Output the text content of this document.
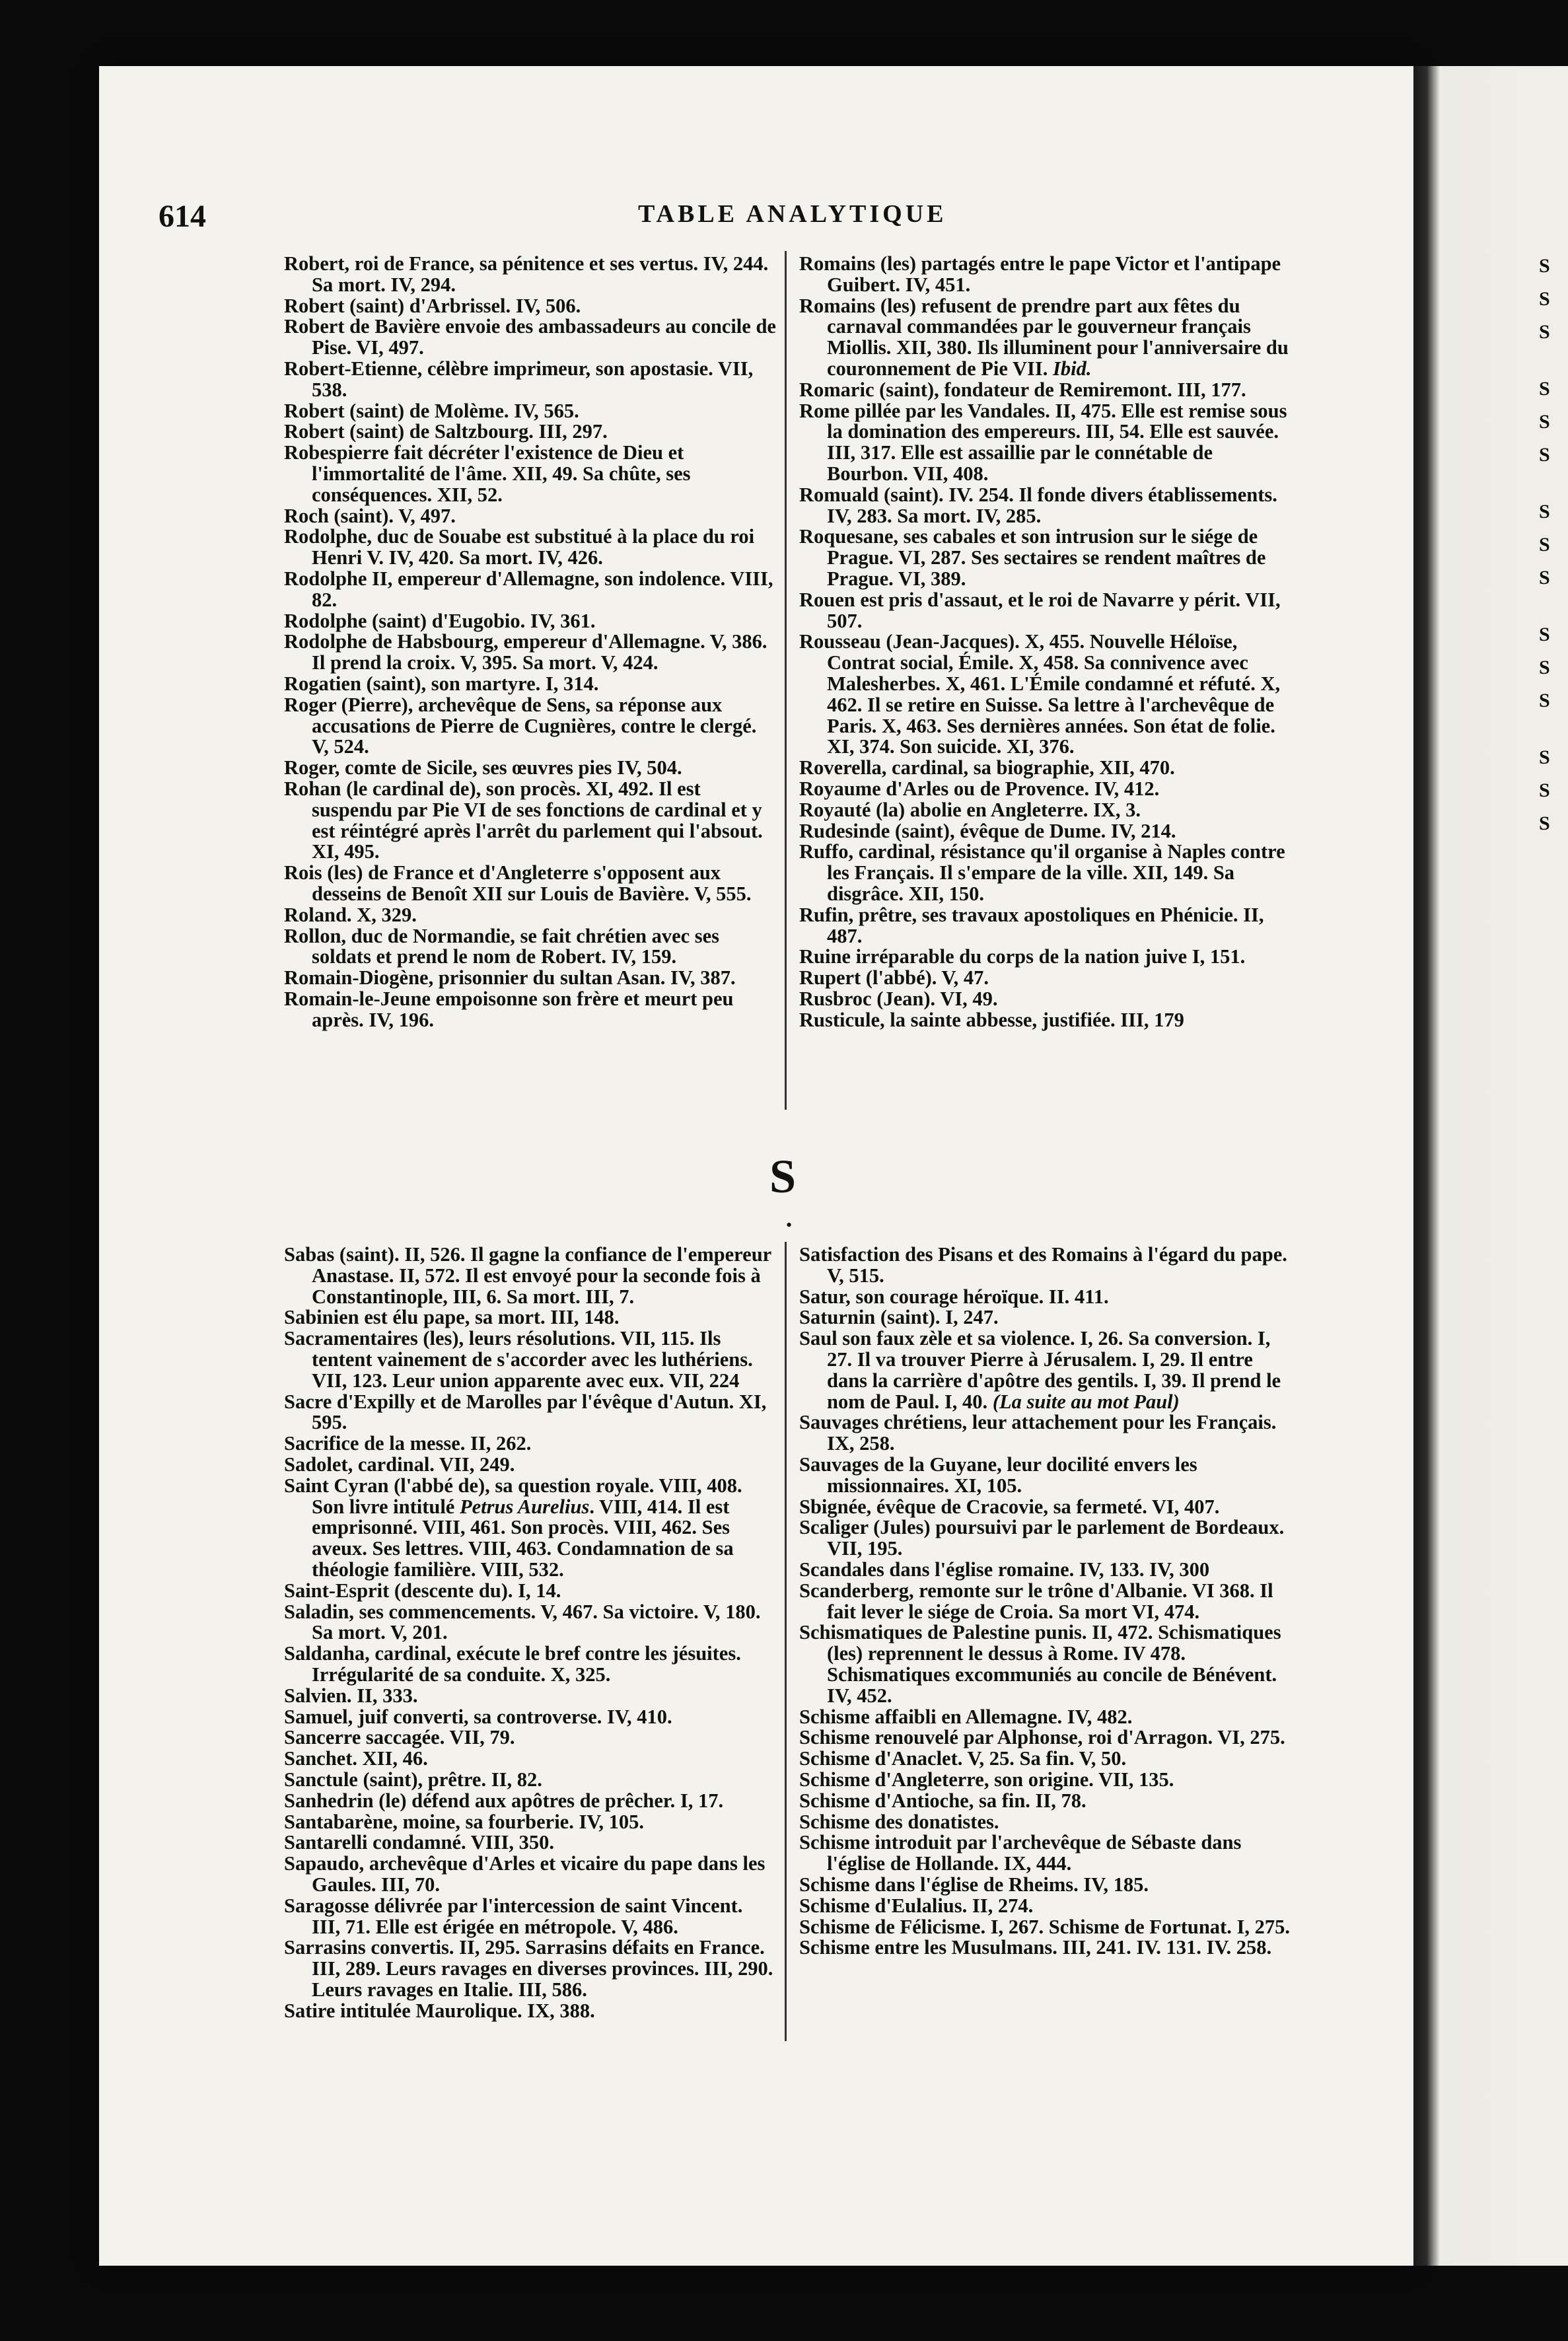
S
S
S
S
S
S
S
S
S
S
S
S
S
S
S
614	TABLE ANALYTIQUE

Robert, roi de France, sa pénitence et ses vertus. IV, 244. Sa mort. IV, 294.

Robert (saint) d'Arbrissel. IV, 506.

Robert de Bavière envoie des ambassadeurs au concile de Pise. VI, 497.

Robert-Etienne, célèbre imprimeur, son apostasie. VII, 538.

Robert (saint) de Molème. IV, 565.

Robert (saint) de Saltzbourg. III, 297.

Robespierre fait décréter l'existence de Dieu et l'immortalité de l'âme. XII, 49. Sa chûte, ses conséquences. XII, 52.

Roch (saint). V, 497.

Rodolphe, duc de Souabe est substitué à la place du roi Henri V. IV, 420. Sa mort. IV, 426.

Rodolphe II, empereur d'Allemagne, son indolence. VIII, 82.

Rodolphe (saint) d'Eugobio. IV, 361.

Rodolphe de Habsbourg, empereur d'Allemagne. V, 386. Il prend la croix. V, 395. Sa mort. V, 424.

Rogatien (saint), son martyre. I, 314.

Roger (Pierre), archevêque de Sens, sa réponse aux accusations de Pierre de Cugnières, contre le clergé. V, 524.

Roger, comte de Sicile, ses œuvres pies IV, 504.

Rohan (le cardinal de), son procès. XI, 492. Il est suspendu par Pie VI de ses fonctions de cardinal et y est réintégré après l'arrêt du parlement qui l'absout. XI, 495.

Rois (les) de France et d'Angleterre s'opposent aux desseins de Benoît XII sur Louis de Bavière. V, 555.

Roland. X, 329.

Rollon, duc de Normandie, se fait chrétien avec ses soldats et prend le nom de Robert. IV, 159.

Romain-Diogène, prisonnier du sultan Asan. IV, 387.

Romain-le-Jeune empoisonne son frère et meurt peu après. IV, 196.

Romains (les) partagés entre le pape Victor et l'antipape Guibert. IV, 451.

Romains (les) refusent de prendre part aux fêtes du carnaval commandées par le gouverneur français Miollis. XII, 380. Ils illuminent pour l'anniversaire du couronnement de Pie VII. Ibid.

Romaric (saint), fondateur de Remiremont. III, 177.

Rome pillée par les Vandales. II, 475. Elle est remise sous la domination des empereurs. III, 54. Elle est sauvée. III, 317. Elle est assaillie par le connétable de Bourbon. VII, 408.

Romuald (saint). IV. 254. Il fonde divers établissements. IV, 283. Sa mort. IV, 285.

Roquesane, ses cabales et son intrusion sur le siége de Prague. VI, 287. Ses sectaires se rendent maîtres de Prague. VI, 389.

Rouen est pris d'assaut, et le roi de Navarre y périt. VII, 507.

Rousseau (Jean-Jacques). X, 455. Nouvelle Héloïse, Contrat social, Émile. X, 458. Sa connivence avec Malesherbes. X, 461. L'Émile condamné et réfuté. X, 462. Il se retire en Suisse. Sa lettre à l'archevêque de Paris. X, 463. Ses dernières années. Son état de folie. XI, 374. Son suicide. XI, 376.

Roverella, cardinal, sa biographie, XII, 470.

Royaume d'Arles ou de Provence. IV, 412.

Royauté (la) abolie en Angleterre. IX, 3.

Rudesinde (saint), évêque de Dume. IV, 214.

Ruffo, cardinal, résistance qu'il organise à Naples contre les Français. Il s'empare de la ville. XII, 149. Sa disgrâce. XII, 150.

Rufin, prêtre, ses travaux apostoliques en Phénicie. II, 487.

Ruine irréparable du corps de la nation juive I, 151.

Rupert (l'abbé). V, 47.

Rusbroc (Jean). VI, 49.

Rusticule, la sainte abbesse, justifiée. III, 179

S
•

Sabas (saint). II, 526. Il gagne la confiance de l'empereur Anastase. II, 572. Il est envoyé pour la seconde fois à Constantinople, III, 6. Sa mort. III, 7.

Sabinien est élu pape, sa mort. III, 148.

Sacramentaires (les), leurs résolutions. VII, 115. Ils tentent vainement de s'accorder avec les luthériens. VII, 123. Leur union apparente avec eux. VII, 224

Sacre d'Expilly et de Marolles par l'évêque d'Autun. XI, 595.

Sacrifice de la messe. II, 262.

Sadolet, cardinal. VII, 249.

Saint Cyran (l'abbé de), sa question royale. VIII, 408. Son livre intitulé Petrus Aurelius. VIII, 414. Il est emprisonné. VIII, 461. Son procès. VIII, 462. Ses aveux. Ses lettres. VIII, 463. Condamnation de sa théologie familière. VIII, 532.

Saint-Esprit (descente du). I, 14.

Saladin, ses commencements. V, 467. Sa victoire. V, 180. Sa mort. V, 201.

Saldanha, cardinal, exécute le bref contre les jésuites. Irrégularité de sa conduite. X, 325.

Salvien. II, 333.

Samuel, juif converti, sa controverse. IV, 410.

Sancerre saccagée. VII, 79.

Sanchet. XII, 46.

Sanctule (saint), prêtre. II, 82.

Sanhedrin (le) défend aux apôtres de prêcher. I, 17.

Santabarène, moine, sa fourberie. IV, 105.

Santarelli condamné. VIII, 350.

Sapaudo, archevêque d'Arles et vicaire du pape dans les Gaules. III, 70.

Saragosse délivrée par l'intercession de saint Vincent. III, 71. Elle est érigée en métropole. V, 486.

Sarrasins convertis. II, 295. Sarrasins défaits en France. III, 289. Leurs ravages en diverses provinces. III, 290. Leurs ravages en Italie. III, 586.

Satire intitulée Maurolique. IX, 388.

Satisfaction des Pisans et des Romains à l'égard du pape. V, 515.

Satur, son courage héroïque. II. 411.

Saturnin (saint). I, 247.

Saul son faux zèle et sa violence. I, 26. Sa conversion. I, 27. Il va trouver Pierre à Jérusalem. I, 29. Il entre dans la carrière d'apôtre des gentils. I, 39. Il prend le nom de Paul. I, 40. (La suite au mot Paul)

Sauvages chrétiens, leur attachement pour les Français. IX, 258.

Sauvages de la Guyane, leur docilité envers les missionnaires. XI, 105.

Sbignée, évêque de Cracovie, sa fermeté. VI, 407.

Scaliger (Jules) poursuivi par le parlement de Bordeaux. VII, 195.

Scandales dans l'église romaine. IV, 133. IV, 300

Scanderberg, remonte sur le trône d'Albanie. VI 368. Il fait lever le siége de Croia. Sa mort VI, 474.

Schismatiques de Palestine punis. II, 472. Schismatiques (les) reprennent le dessus à Rome. IV 478. Schismatiques excommuniés au concile de Bénévent. IV, 452.

Schisme affaibli en Allemagne. IV, 482.

Schisme renouvelé par Alphonse, roi d'Arragon. VI, 275.

Schisme d'Anaclet. V, 25. Sa fin. V, 50.

Schisme d'Angleterre, son origine. VII, 135.

Schisme d'Antioche, sa fin. II, 78.

Schisme des donatistes.

Schisme introduit par l'archevêque de Sébaste dans l'église de Hollande. IX, 444.

Schisme dans l'église de Rheims. IV, 185.

Schisme d'Eulalius. II, 274.

Schisme de Félicisme. I, 267. Schisme de Fortunat. I, 275.

Schisme entre les Musulmans. III, 241. IV. 131. IV. 258.
